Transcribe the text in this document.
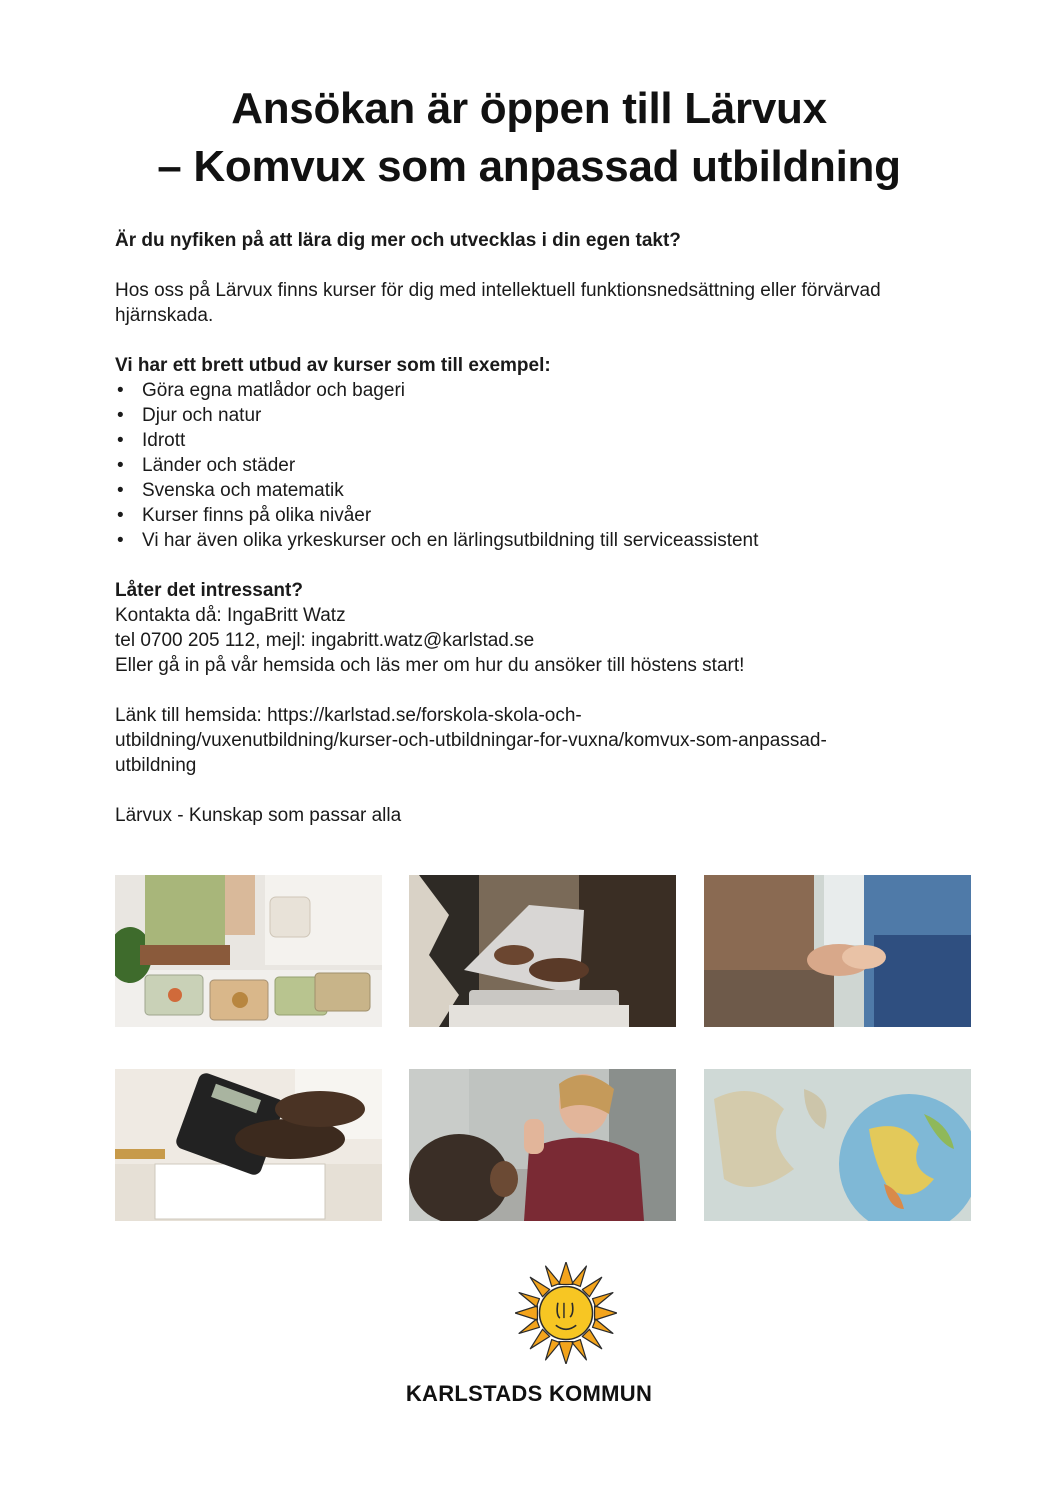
Ansökan är öppen till Lärvux
– Komvux som anpassad utbildning

Är du nyfiken på att lära dig mer och utvecklas i din egen takt?

Hos oss på Lärvux finns kurser för dig med intellektuell funktionsnedsättning eller förvärvad hjärnskada.

Vi har ett brett utbud av kurser som till exempel:

• Göra egna matlådor och bageri
• Djur och natur
• Idrott
• Länder och städer
• Svenska och matematik
• Kurser finns på olika nivåer
• Vi har även olika yrkeskurser och en lärlingsutbildning till serviceassistent

Låter det intressant?

Kontakta då: IngaBritt Watz

tel 0700 205 112, mejl: ingabritt.watz@karlstad.se

Eller gå in på vår hemsida och läs mer om hur du ansöker till höstens start!

Länk till hemsida: https://karlstad.se/forskola-skola-och-

utbildning/vuxenutbildning/kurser-och-utbildningar-for-vuxna/komvux-som-anpassad-

utbildning

Lärvux - Kunskap som passar alla

KARLSTADS KOMMUN
